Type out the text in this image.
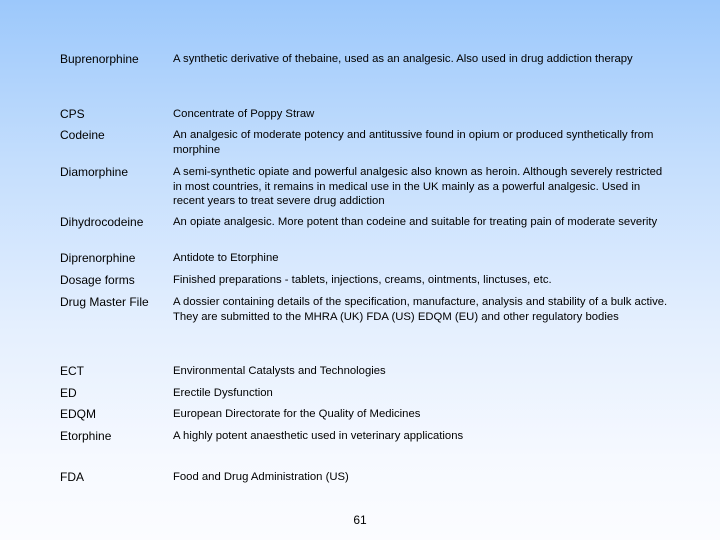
Buprenorphine	A synthetic derivative of thebaine, used as an analgesic. Also used in drug addiction therapy
CPS	Concentrate of Poppy Straw
Codeine	An analgesic of moderate potency and antitussive found in opium or produced synthetically from morphine
Diamorphine	A semi-synthetic opiate and powerful analgesic also known as heroin. Although severely restricted in most countries, it remains in medical use in the UK mainly as a powerful analgesic. Used in recent years to treat severe drug addiction
Dihydrocodeine	An opiate analgesic. More potent than codeine and suitable for treating pain of moderate severity
Diprenorphine	Antidote to Etorphine
Dosage forms	Finished preparations - tablets, injections, creams, ointments, linctuses, etc.
Drug Master File	A dossier containing details of the specification, manufacture, analysis and stability of a bulk active. They are submitted to the MHRA (UK) FDA (US) EDQM (EU) and other regulatory bodies
ECT	Environmental Catalysts and Technologies
ED	Erectile Dysfunction
EDQM	European Directorate for the Quality of Medicines
Etorphine	A highly potent anaesthetic used in veterinary applications
FDA	Food and Drug Administration (US)
61
